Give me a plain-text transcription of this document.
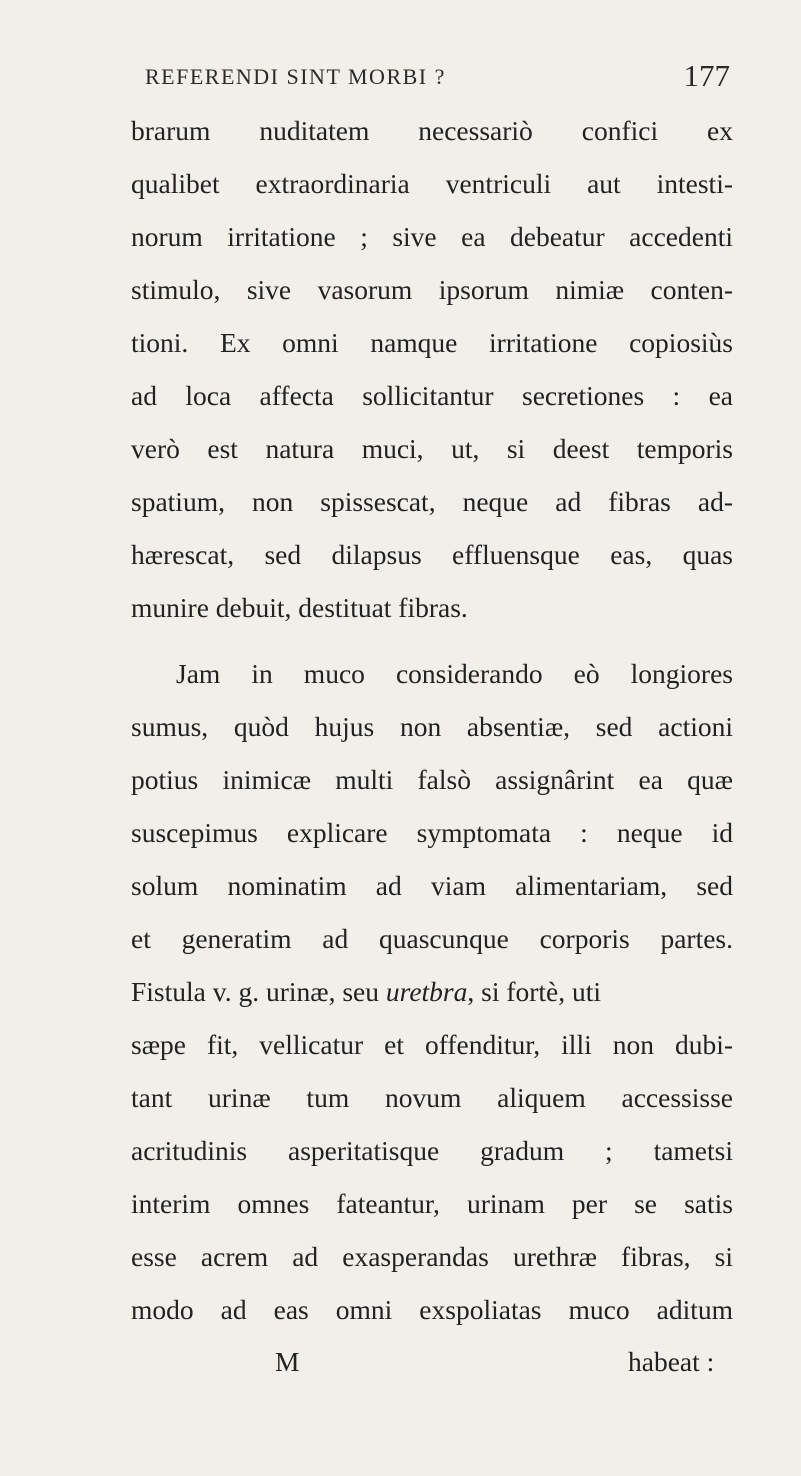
REFERENDI SINT MORBI ?	177
brarum nuditatem necessariò confici ex
qualibet extraordinaria ventriculi aut intesti-
norum irritatione ; sive ea debeatur accedenti
stimulo, sive vasorum ipsorum nimiæ conten-
tioni. Ex omni namque irritatione copiosiùs
ad loca affecta sollicitantur secretiones : ea
verò est natura muci, ut, si deest temporis
spatium, non spissescat, neque ad fibras ad-
hærescat, sed dilapsus effluensque eas, quas
munire debuit, destituat fibras.
Jam in muco considerando eò longiores
sumus, quòd hujus non absentiæ, sed actioni
potius inimicæ multi falsò assignârint ea quæ
suscepimus explicare symptomata : neque id
solum nominatim ad viam alimentariam, sed
et generatim ad quascunque corporis partes.
Fistula v. g. urinæ, seu uretbra, si fortè, uti
sæpe fit, vellicatur et offenditur, illi non dubi-
tant urinæ tum novum aliquem accessisse
acritudinis asperitatisque gradum ; tametsi
interim omnes fateantur, urinam per se satis
esse acrem ad exasperandas urethræ fibras, si
modo ad eas omni exspoliatas muco aditum
M	habeat :
